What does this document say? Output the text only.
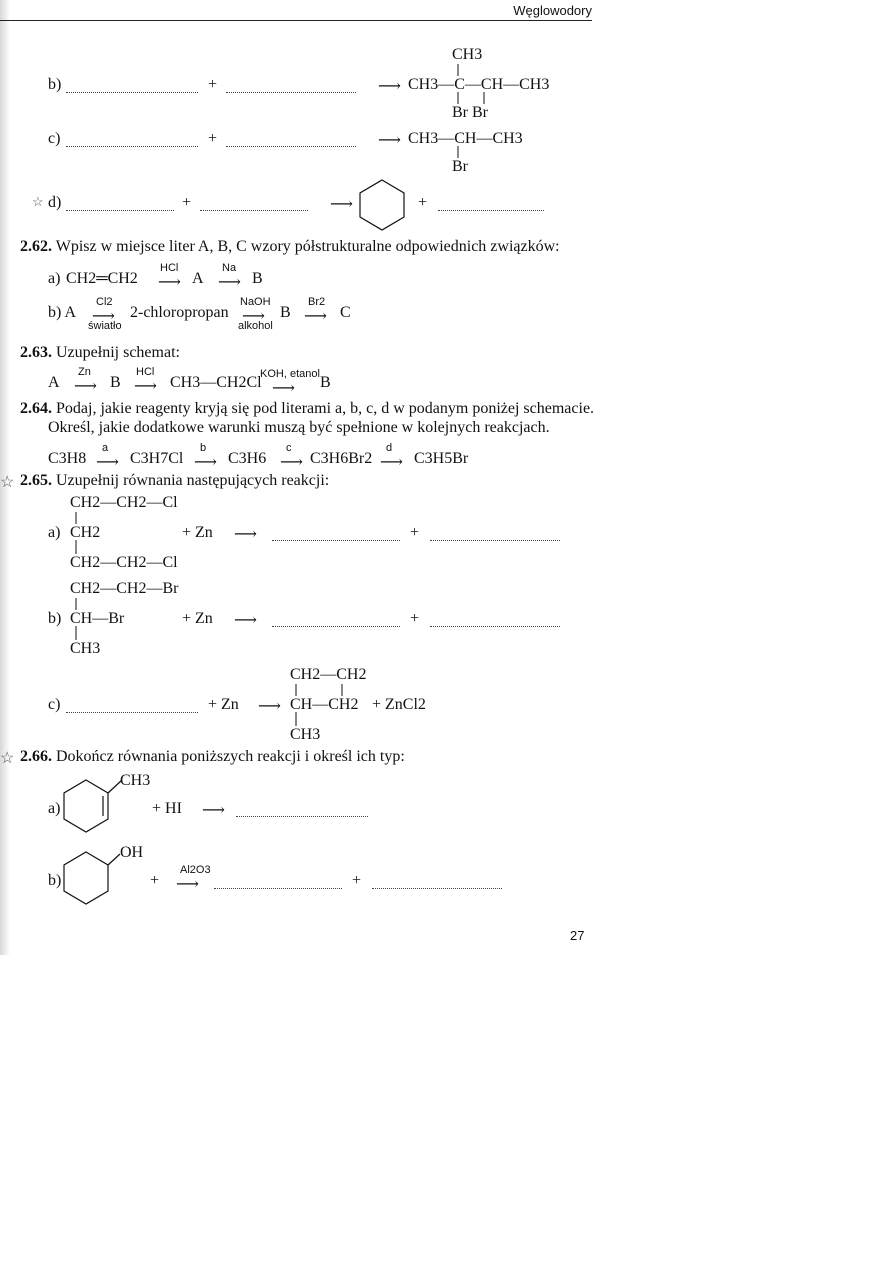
Węglowodory
CH3
b)	+	⟶ CH3—C—CH—CH3
Br Br
c)	+	⟶ CH3—CH—CH3
Br
☆ d)	+	⟶	+
2.62. Wpisz w miejsce liter A, B, C wzory półstrukturalne odpowiednich związków:
a) CH2═CH2
HCl
⟶ A
Na
⟶ B
b) A
Cl2
⟶
światło
2-chloropropan
NaOH
⟶
alkohol
B
Br2
⟶ C
2.63. Uzupełnij schemat:
A
Zn
⟶ B
HCl
⟶ CH3—CH2Cl
KOH, etanol
⟶ B
2.64. Podaj, jakie reagenty kryją się pod literami a, b, c, d w podanym poniżej schemacie.
Określ, jakie dodatkowe warunki muszą być spełnione w kolejnych reakcjach.
C3H8
a
⟶ C3H7Cl
b
⟶ C3H6
c
⟶ C3H6Br2
d
⟶ C3H5Br
☆ 2.65. Uzupełnij równania następujących reakcji:
CH2—CH2—Cl
a) CH2	+ Zn ⟶	+
CH2—CH2—Cl
CH2—CH2—Br
b) CH—Br	+ Zn ⟶	+
CH3
CH2—CH2
c)	+ Zn ⟶ CH—CH2 + ZnCl2
CH3
☆ 2.66. Dokończ równania poniższych reakcji i określ ich typ:
CH3
a)	+ HI ⟶
OH
b)	+
Al2O3
⟶	+
27
